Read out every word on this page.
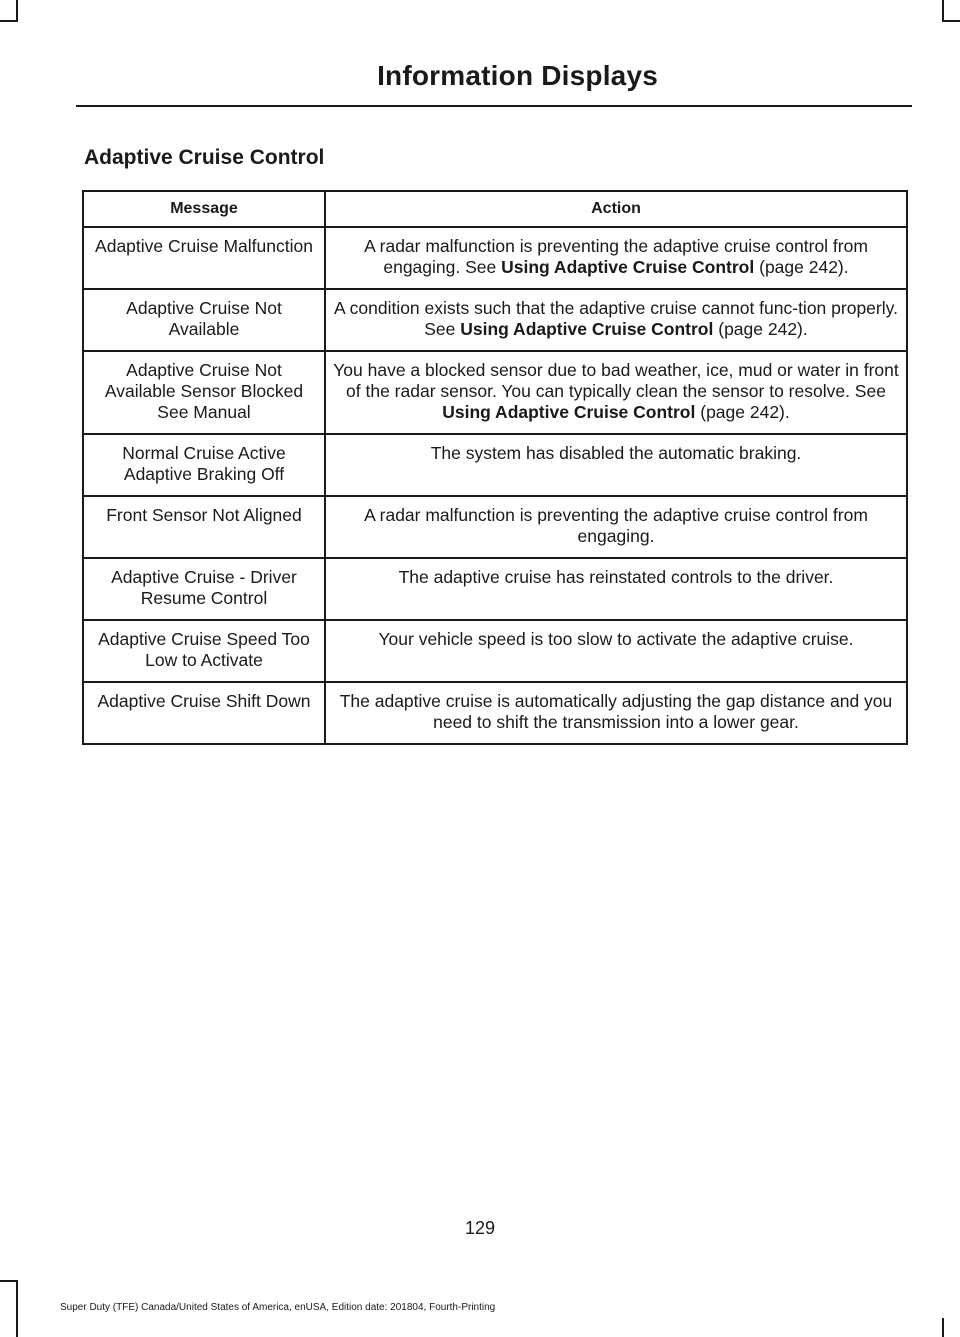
Information Displays
Adaptive Cruise Control
Message	Action
Adaptive Cruise Malfunction	A radar malfunction is preventing the adaptive cruise control from engaging. See Using Adaptive Cruise Control (page 242).
Adaptive Cruise Not Available	A condition exists such that the adaptive cruise cannot func-tion properly. See Using Adaptive Cruise Control (page 242).
Adaptive Cruise Not Available Sensor Blocked See Manual	You have a blocked sensor due to bad weather, ice, mud or water in front of the radar sensor. You can typically clean the sensor to resolve. See Using Adaptive Cruise Control (page 242).
Normal Cruise Active Adaptive Braking Off	The system has disabled the automatic braking.
Front Sensor Not Aligned	A radar malfunction is preventing the adaptive cruise control from engaging.
Adaptive Cruise - Driver Resume Control	The adaptive cruise has reinstated controls to the driver.
Adaptive Cruise Speed Too Low to Activate	Your vehicle speed is too slow to activate the adaptive cruise.
Adaptive Cruise Shift Down	The adaptive cruise is automatically adjusting the gap distance and you need to shift the transmission into a lower gear.
129
Super Duty (TFE) Canada/United States of America, enUSA, Edition date: 201804, Fourth-Printing
